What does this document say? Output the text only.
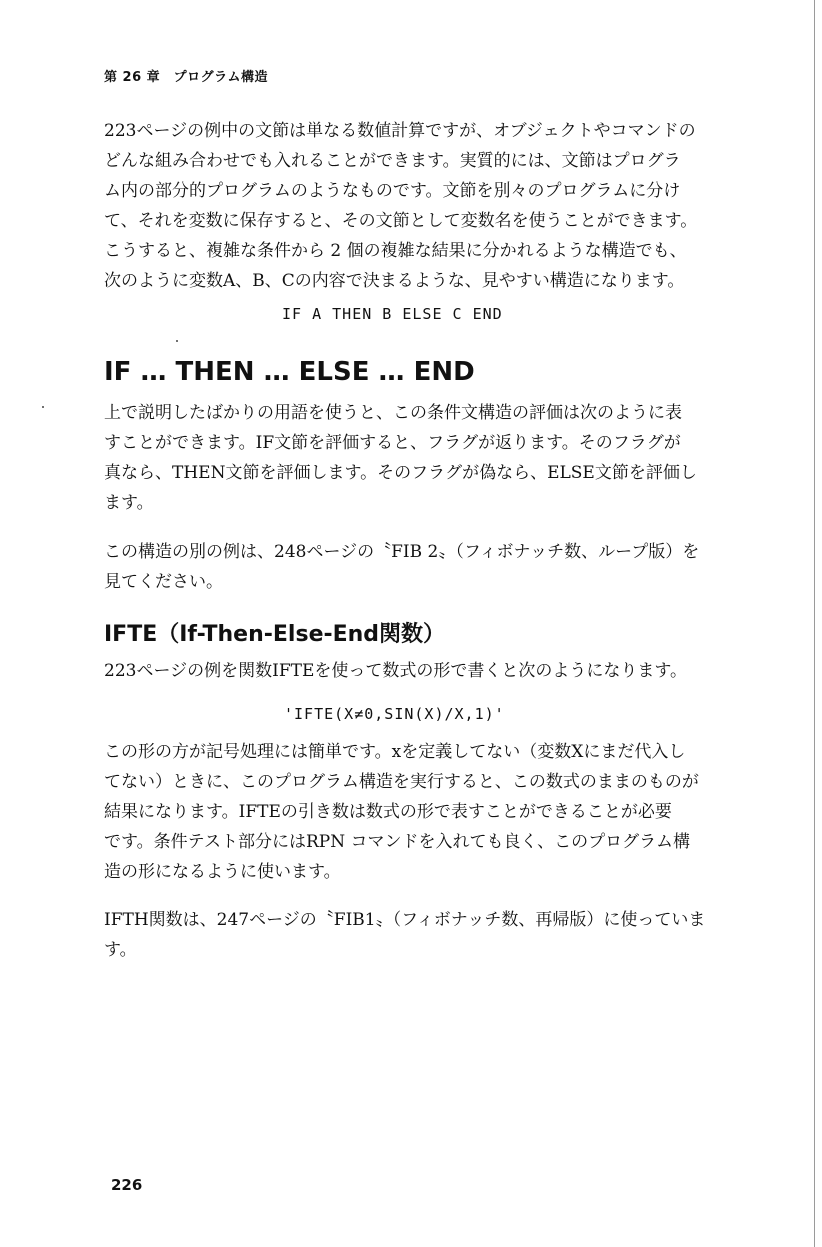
第 26 章　プログラム構造

223ページの例中の文節は単なる数値計算ですが、オブジェクトやコマンドの
どんな組み合わせでも入れることができます。実質的には、文節はプログラ
ム内の部分的プログラムのようなものです。文節を別々のプログラムに分け
て、それを変数に保存すると、その文節として変数名を使うことができます。
こうすると、複雑な条件から 2 個の複雑な結果に分かれるような構造でも、
次のように変数A、B、Cの内容で決まるような、見やすい構造になります。

IF A THEN B ELSE C END
IF … THEN … ELSE … END

上で説明したばかりの用語を使うと、この条件文構造の評価は次のように表
すことができます。IF文節を評価すると、フラグが返ります。そのフラグが
真なら、THEN文節を評価します。そのフラグが偽なら、ELSE文節を評価し
ます。

この構造の別の例は、248ページの〝FIB 2〟（フィボナッチ数、ループ版）を
見てください。

IFTE（If-Then-Else-End関数）

223ページの例を関数IFTEを使って数式の形で書くと次のようになります。

'IFTE(X≠0,SIN(X)/X,1)'

この形の方が記号処理には簡単です。xを定義してない（変数Xにまだ代入し
てない）ときに、このプログラム構造を実行すると、この数式のままのものが
結果になります。IFTEの引き数は数式の形で表すことができることが必要
です。条件テスト部分にはRPN コマンドを入れても良く、このプログラム構
造の形になるように使います。

IFTH関数は、247ページの〝FIB1〟（フィボナッチ数、再帰版）に使っていま
す。

226
